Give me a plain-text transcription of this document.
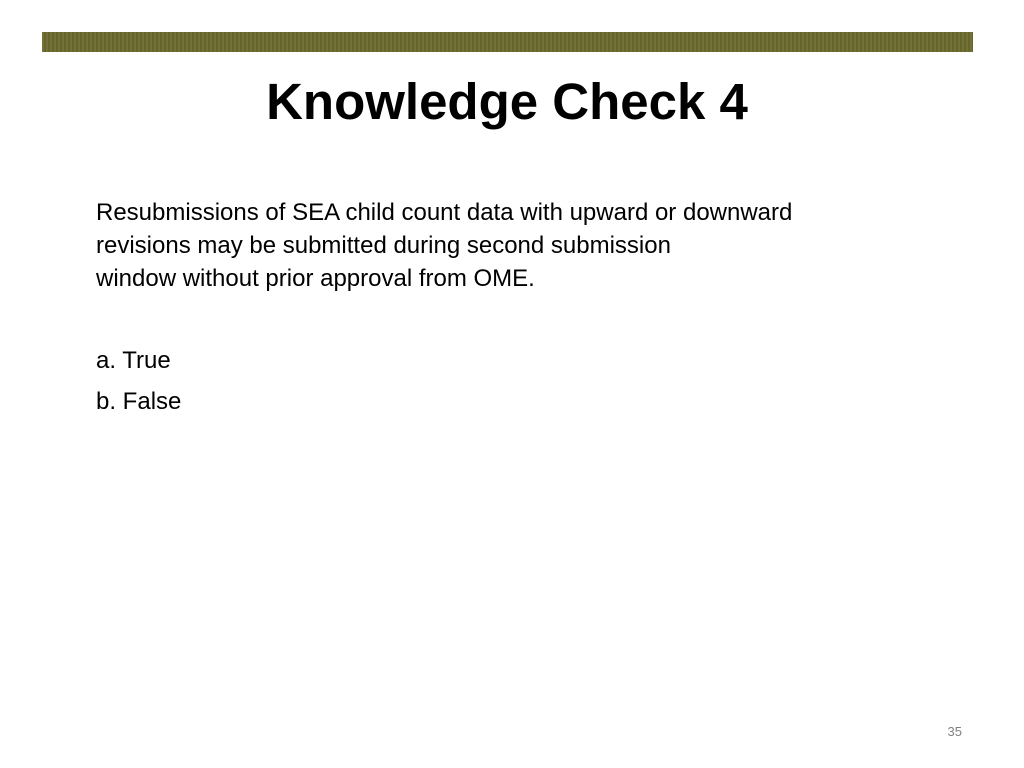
Knowledge Check 4

Resubmissions of SEA child count data with upward or downward
revisions may be submitted during second submission
window without prior approval from OME.

a. True
b. False
35
